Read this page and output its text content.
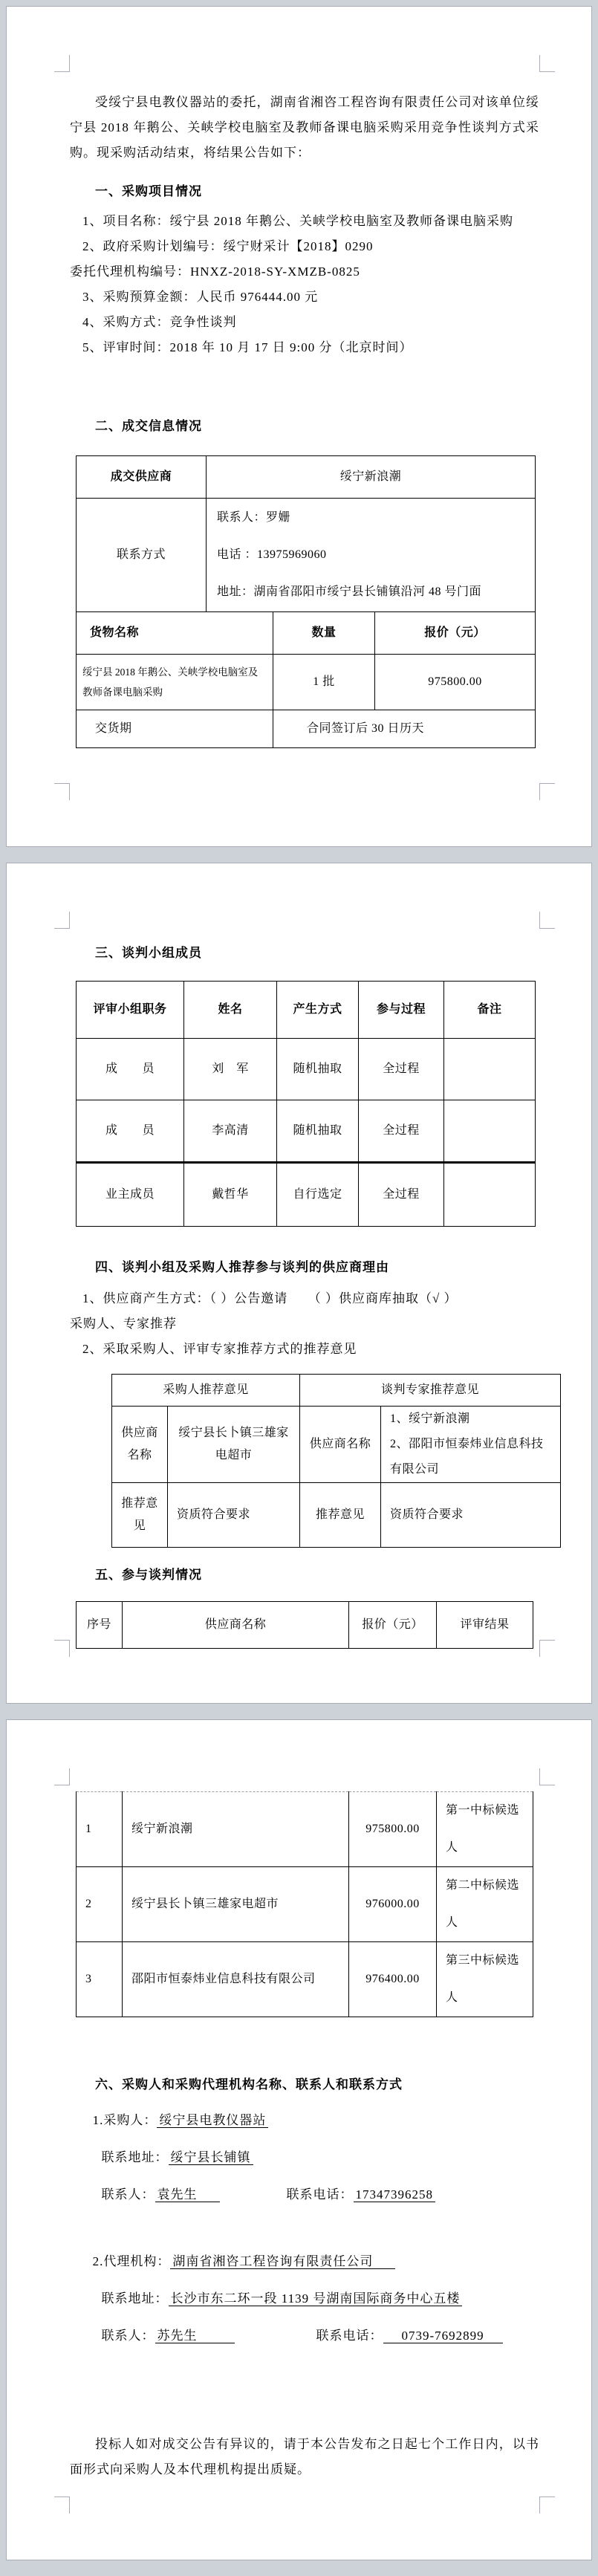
受绥宁县电教仪器站的委托，湖南省湘咨工程咨询有限责任公司对该单位绥宁县 2018 年鹅公、关峡学校电脑室及教师备课电脑采购采用竞争性谈判方式采购。现采购活动结束，将结果公告如下：
一、采购项目情况
1、项目名称：绥宁县 2018 年鹅公、关峡学校电脑室及教师备课电脑采购
2、政府采购计划编号：绥宁财采计【2018】0290
委托代理机构编号：HNXZ-2018-SY-XMZB-0825
3、采购预算金额：人民币 976444.00 元
4、采购方式：竞争性谈判
5、评审时间：2018 年 10 月 17 日 9:00 分（北京时间）
二、成交信息情况
成交供应商	绥宁新浪潮
联系方式	联系人：罗姗
电话 ：13975969060
地址：湖南省邵阳市绥宁县长铺镇沿河 48 号门面
货物名称	数量	报价（元）
绥宁县 2018 年鹅公、关峡学校电脑室及教师备课电脑采购	1 批	975800.00
交货期	合同签订后 30 日历天	
三、谈判小组成员
评审小组职务	姓名	产生方式	参与过程	备注
成　　员	刘　军	随机抽取	全过程	
成　　员	李高清	随机抽取	全过程	
业主成员	戴哲华	自行选定	全过程	
四、谈判小组及采购人推荐参与谈判的供应商理由
1、供应商产生方式：（ ）公告邀请　　（ ）供应商库抽取（√ ）
采购人、专家推荐
2、采取采购人、评审专家推荐方式的推荐意见
采购人推荐意见		谈判专家推荐意见	
供应商名称	绥宁县长卜镇三雄家电超市	供应商名称	1、绥宁新浪潮
2、邵阳市恒泰炜业信息科技有限公司

推荐意见	资质符合要求	推荐意见	资质符合要求
五、参与谈判情况
序号	供应商名称	报价（元）	评审结果
1	绥宁新浪潮	975800.00	第一中标候选人
2	绥宁县长卜镇三雄家电超市	976000.00	第二中标候选人
3	邵阳市恒泰炜业信息科技有限公司	976400.00	第三中标候选人
六、采购人和采购代理机构名称、联系人和联系方式
1.采购人： 绥宁县电教仪器站
联系地址： 绥宁县长铺镇
联系人： 袁先生	联系电话： 17347396258
2.代理机构： 湖南省湘咨工程咨询有限责任公司
联系地址： 长沙市东二环一段 1139 号湖南国际商务中心五楼
联系人： 苏先生	联系电话： 0739-7692899
投标人如对成交公告有异议的，请于本公告发布之日起七个工作日内，以书面形式向采购人及本代理机构提出质疑。
